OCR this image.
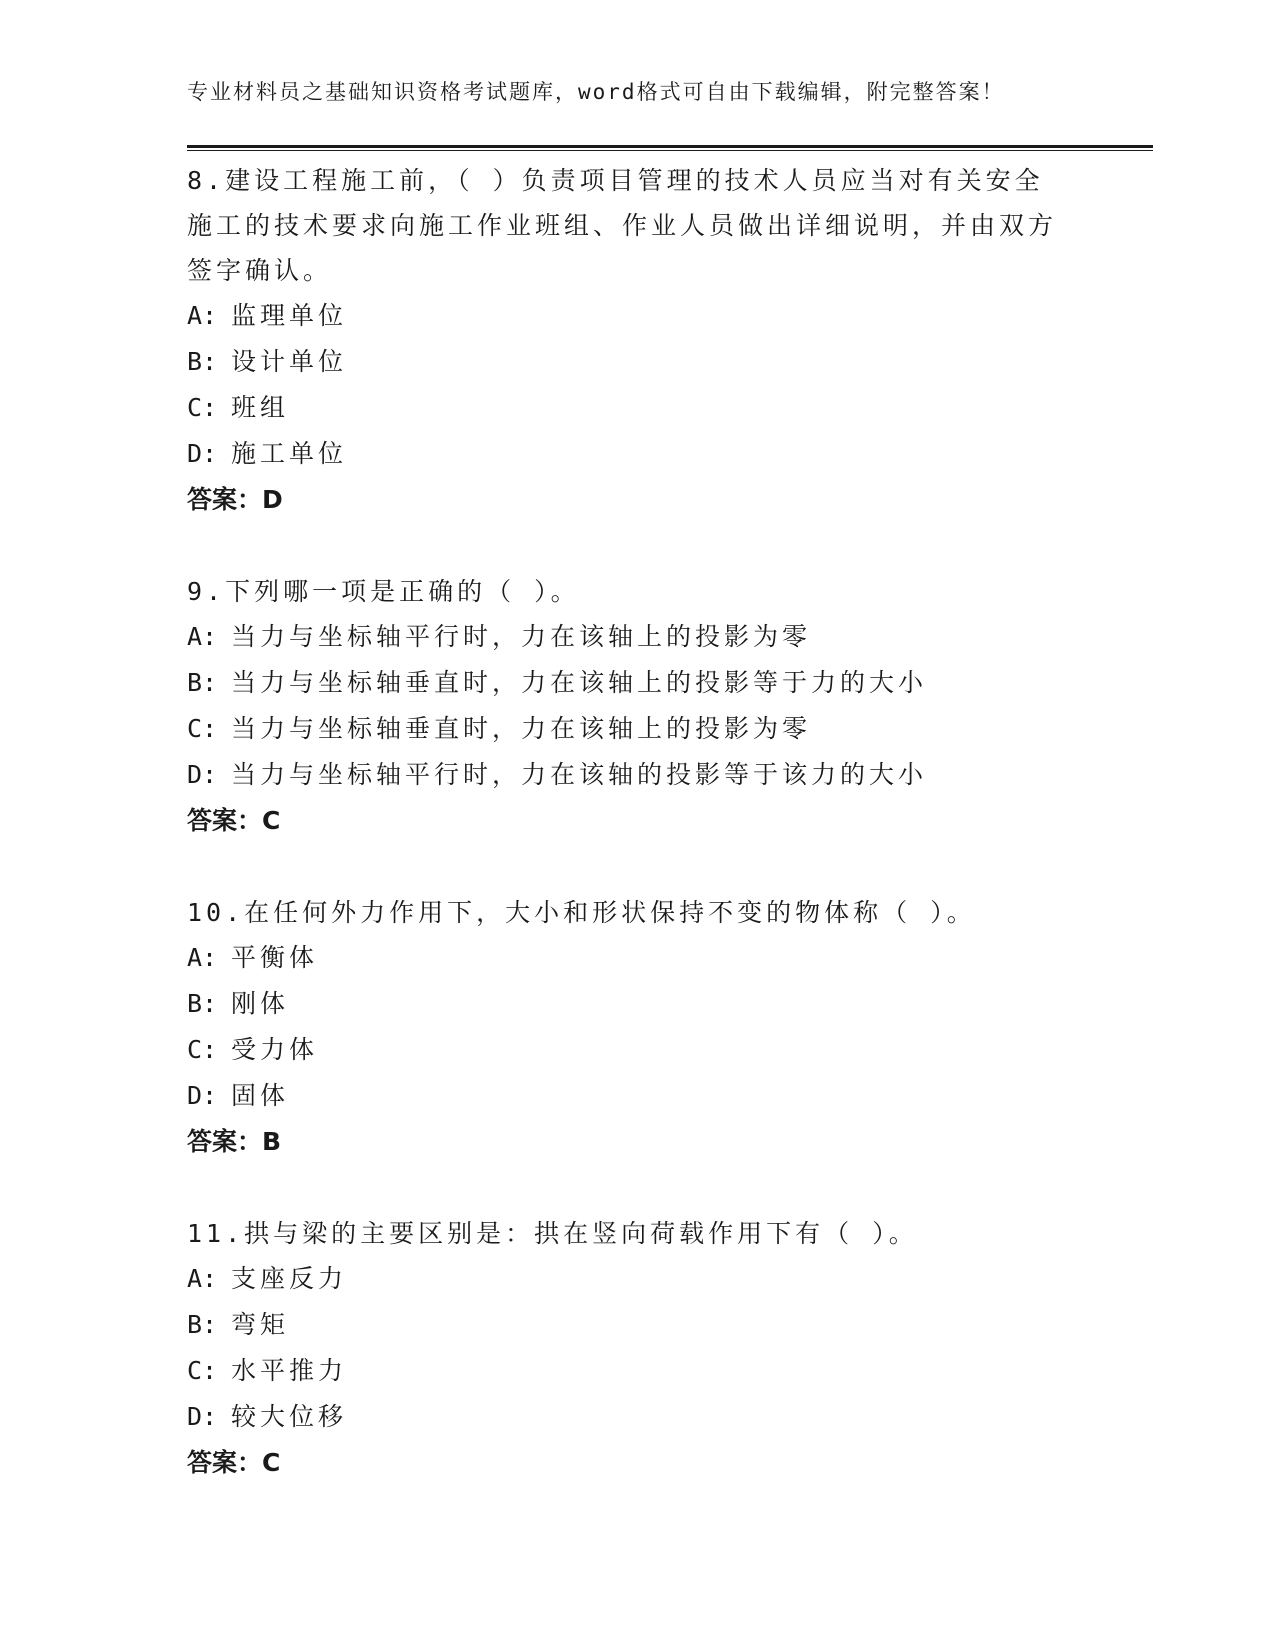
专业材料员之基础知识资格考试题库，word格式可自由下载编辑，附完整答案！
8.建设工程施工前，（ ）负责项目管理的技术人员应当对有关安全施工的技术要求向施工作业班组、作业人员做出详细说明，并由双方签字确认。
A: 监理单位
B: 设计单位
C: 班组
D: 施工单位
答案：D
9.下列哪一项是正确的（ ）。
A: 当力与坐标轴平行时，力在该轴上的投影为零
B: 当力与坐标轴垂直时，力在该轴上的投影等于力的大小
C: 当力与坐标轴垂直时，力在该轴上的投影为零
D: 当力与坐标轴平行时，力在该轴的投影等于该力的大小
答案：C
10.在任何外力作用下，大小和形状保持不变的物体称（ ）。
A: 平衡体
B: 刚体
C: 受力体
D: 固体
答案：B
11.拱与梁的主要区别是：拱在竖向荷载作用下有（ ）。
A: 支座反力
B: 弯矩
C: 水平推力
D: 较大位移
答案：C
